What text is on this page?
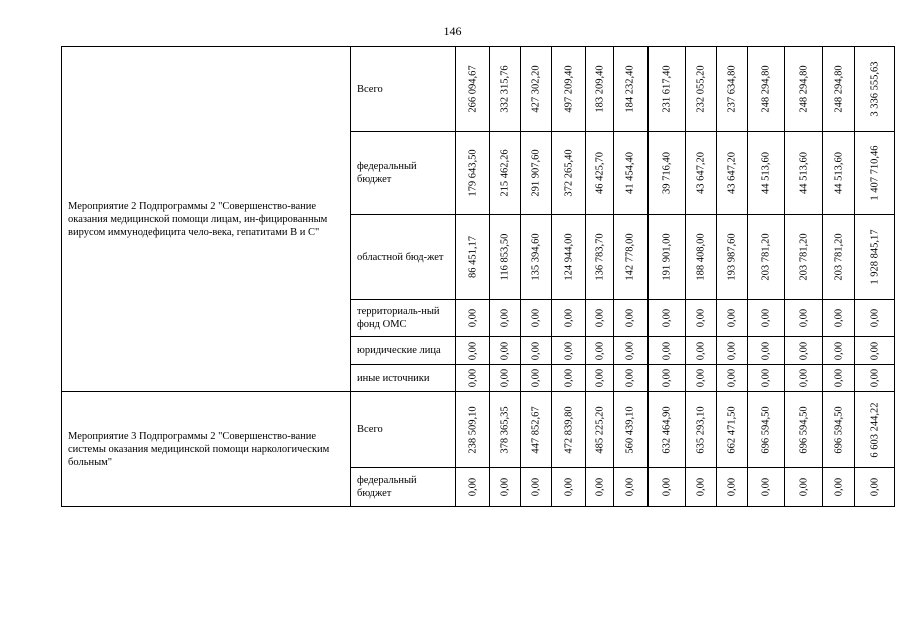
146
Мероприятие 2 Подпрограммы 2 "Совершенство-вание оказания медицинской помощи лицам, ин-фицированным вирусом иммунодефицита чело-века, гепатитами В и С"	Всего	266 094,67	332 315,76	427 302,20	497 209,40	183 209,40	184 232,40	231 617,40	232 055,20	237 634,80	248 294,80	248 294,80	248 294,80	3 336 555,63

	федеральный бюджет	179 643,50	215 462,26	291 907,60	372 265,40	46 425,70	41 454,40	39 716,40	43 647,20	43 647,20	44 513,60	44 513,60	44 513,60	1 407 710,46

	областной бюд-жет	86 451,17	116 853,50	135 394,60	124 944,00	136 783,70	142 778,00	191 901,00	188 408,00	193 987,60	203 781,20	203 781,20	203 781,20	1 928 845,17

	территориаль-ный фонд ОМС	0,00	0,00	0,00	0,00	0,00	0,00	0,00	0,00	0,00	0,00	0,00	0,00	0,00

	юридические лица	0,00	0,00	0,00	0,00	0,00	0,00	0,00	0,00	0,00	0,00	0,00	0,00	0,00

	иные источники	0,00	0,00	0,00	0,00	0,00	0,00	0,00	0,00	0,00	0,00	0,00	0,00	0,00

Мероприятие 3 Подпрограммы 2 "Совершенство-вание системы оказания медицинской помощи наркологическим больным"	Всего	238 509,10	378 365,35	447 852,67	472 839,80	485 225,20	560 439,10	632 464,90	635 293,10	662 471,50	696 594,50	696 594,50	696 594,50	6 603 244,22

	федеральный бюджет	0,00	0,00	0,00	0,00	0,00	0,00	0,00	0,00	0,00	0,00	0,00	0,00	0,00
